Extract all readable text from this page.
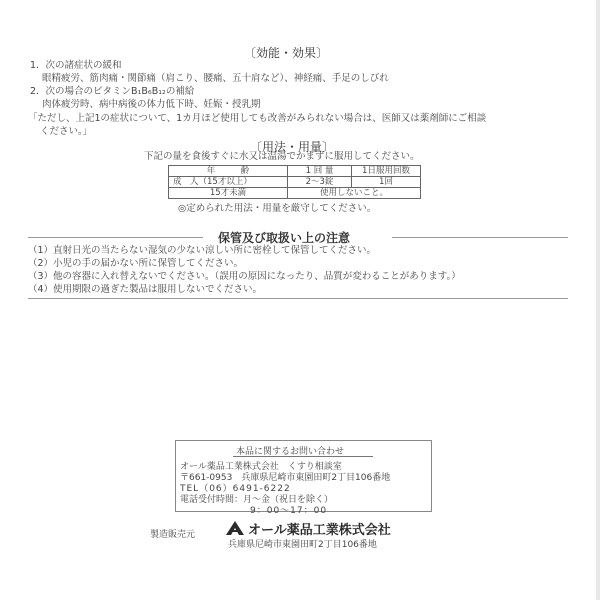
〔効能・効果〕
1．次の諸症状の緩和
眼精疲労、筋肉痛・関節痛（肩こり、腰痛、五十肩など）、神経痛、手足のしびれ
2．次の場合のビタミンB₁B₆B₁₂の補給
肉体疲労時、病中病後の体力低下時、妊娠・授乳期
「ただし、上記1の症状について、1カ月ほど使用しても改善がみられない場合は、医師又は薬剤師にご相談
ください。」
〔用法・用量〕
下記の量を食後すぐに水又は温湯でかまずに服用してください。
年　　　齢	1 回 量	1日服用回数
成　人（15才以上）	2〜3錠	1回
15才未満	使用しないこと。	
◎定められた用法・用量を厳守してください。
保管及び取扱い上の注意
（1）直射日光の当たらない湿気の少ない涼しい所に密栓して保管してください。
（2）小児の手の届かない所に保管してください。
（3）他の容器に入れ替えないでください。（誤用の原因になったり、品質が変わることがあります。）
（4）使用期限の過ぎた製品は服用しないでください。
本品に関するお問い合わせ
オール薬品工業株式会社　くすり相談室
〒661-0953　兵庫県尼崎市東園田町2丁目106番地
TEL（06）6491-6222
電話受付時間：月〜金（祝日を除く）
9：00〜17：00
製造販売元	オール薬品工業株式会社
兵庫県尼崎市東園田町2丁目106番地
